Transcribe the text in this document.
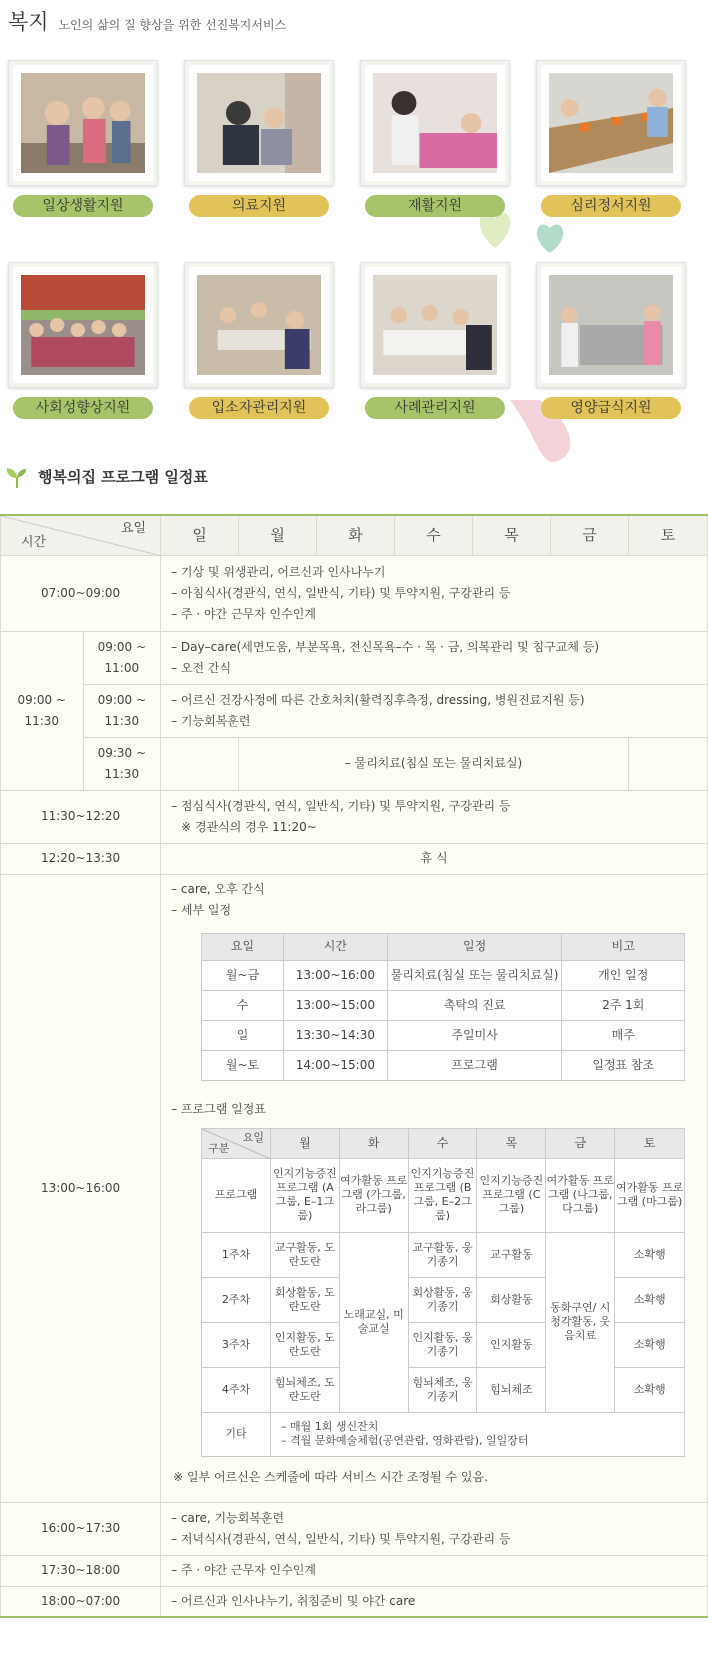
복지 노인의 삶의 질 향상을 위한 선진복지서비스
일상생활지원	의료지원	재활지원	심리정서지원
사회성향상지원	입소자관리지원	사례관리지원	영양급식지원
행복의집 프로그램 일정표
요일
시간	일	월	화	수	목	금	토
07:00~09:00	
– 기상 및 위생관리, 어르신과 인사나누기
– 아침식사(경관식, 연식, 일반식, 기타) 및 투약지원, 구강관리 등
– 주 · 야간 근무자 인수인계

09:00 ~ 11:30	09:00 ~ 11:00	
– Day–care(세면도움, 부분목욕, 전신목욕–수 · 목 · 금, 의복관리 및 침구교체 등)
– 오전 간식

09:00 ~ 11:30	
– 어르신 건강사정에 따른 간호처치(활력징후측정, dressing, 병원진료지원 등)
– 기능회복훈련

09:30 ~ 11:30		– 물리치료(침실 또는 물리치료실)	
11:30~12:20	
– 점심식사(경관식, 연식, 일반식, 기타) 및 투약지원, 구강관리 등
※ 경관식의 경우 11:20~

12:20~13:30	휴 식
13:00~16:00	
– care, 오후 간식
– 세부 일정
요일	시간	일정	비고
월~금	13:00~16:00	물리치료(침실 또는 물리치료실)	개인 일정
수	13:00~15:00	촉탁의 진료	2주 1회
일	13:30~14:30	주일미사	매주
월~토	14:00~15:00	프로그램	일정표 참조
– 프로그램 일정표
요일
구분	월	화	수	목	금	토
프로그램	인지기능증진 프로그램 (A그룹, E–1그룹)	여가활동 프로그램 (가그룹, 라그룹)	인지기능증진 프로그램 (B그룹, E–2그룹)	인지기능증진 프로그램 (C그룹)	여가활동 프로그램 (나그룹, 다그룹)	여가활동 프로그램 (마그룹)
1주차	교구활동, 도란도란	노래교실, 미술교실	교구활동, 웅기종기	교구활동	동화구연/ 시청각활동, 웃음치료	소확행
2주차	회상활동, 도란도란	회상활동, 웅기종기	회상활동	소확행
3주차	인지활동, 도란도란	인지활동, 웅기종기	인지활동	소확행
4주차	힘뇌체조, 도란도란	힘뇌체조, 웅기종기	힘뇌체조	소확행
기타	
– 매월 1회 생신잔치
– 격월 문화예술체험(공연관람, 영화관람), 일일장터
※ 일부 어르신은 스케줄에 따라 서비스 시간 조정될 수 있음.

16:00~17:30	
– care, 기능회복훈련
– 저녁식사(경관식, 연식, 일반식, 기타) 및 투약지원, 구강관리 등

17:30~18:00	– 주 · 야간 근무자 인수인계
18:00~07:00	– 어르신과 인사나누기, 취침준비 및 야간 care
